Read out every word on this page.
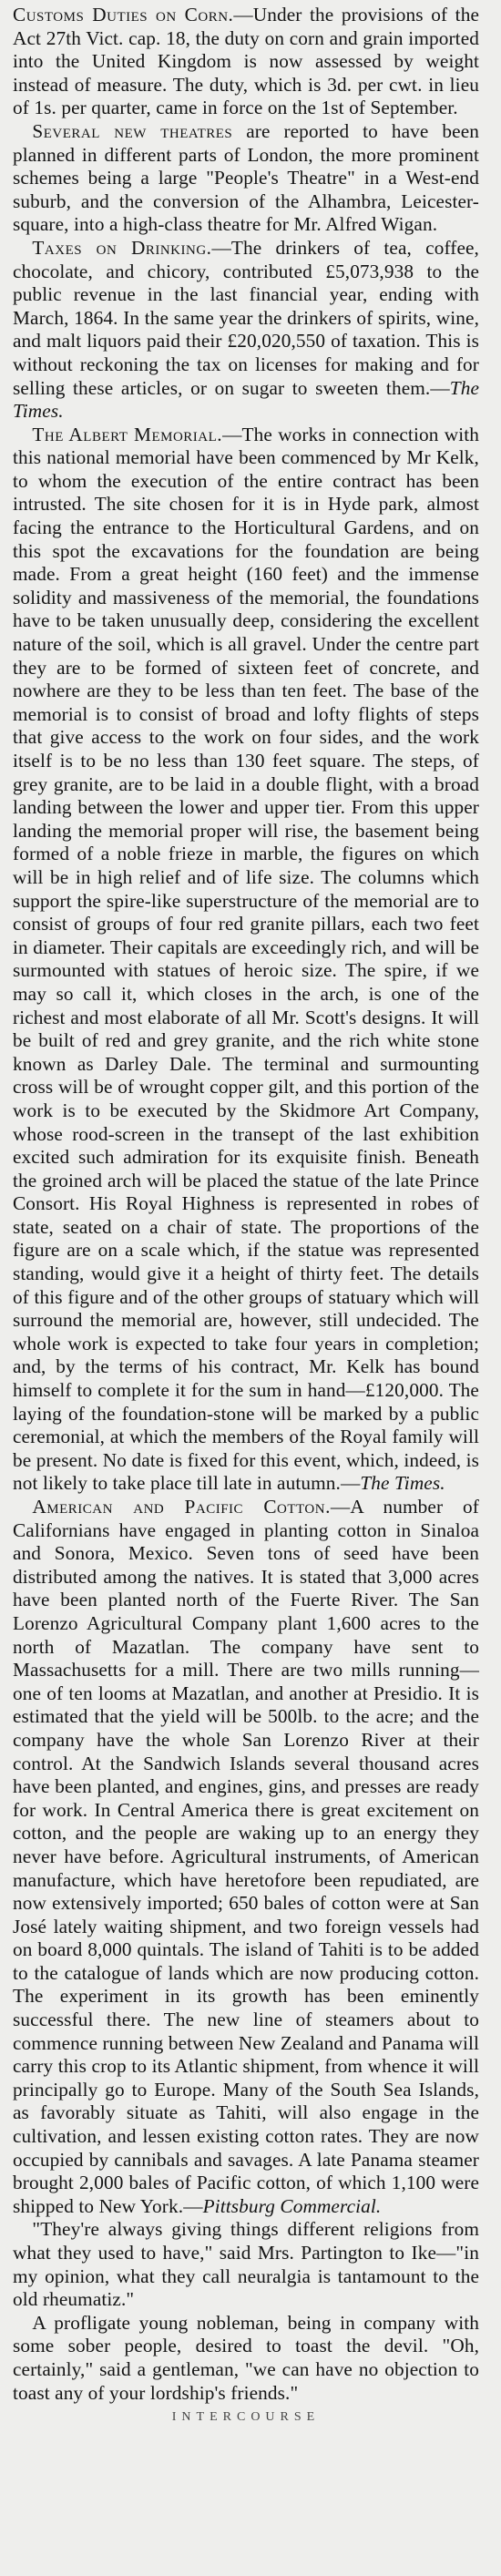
Customs Duties on Corn.—Under the provisions of the Act 27th Vict. cap. 18, the duty on corn and grain imported into the United Kingdom is now assessed by weight instead of measure. The duty, which is 3d. per cwt. in lieu of 1s. per quarter, came in force on the 1st of September.

 Several new theatres are reported to have been planned in different parts of London, the more prominent schemes being a large "People's Theatre" in a West-end suburb, and the conversion of the Alhambra, Leicester-square, into a high-class theatre for Mr. Alfred Wigan.

 Taxes on Drinking.—The drinkers of tea, coffee, chocolate, and chicory, contributed £5,073,938 to the public revenue in the last financial year, ending with March, 1864. In the same year the drinkers of spirits, wine, and malt liquors paid their £20,020,550 of taxation. This is without reckoning the tax on licenses for making and for selling these articles, or on sugar to sweeten them.—The Times.

 The Albert Memorial.—The works in connection with this national memorial have been commenced by Mr Kelk, to whom the execution of the entire contract has been intrusted. The site chosen for it is in Hyde park, almost facing the entrance to the Horticultural Gardens, and on this spot the excavations for the foundation are being made. From a great height (160 feet) and the immense solidity and massiveness of the memorial, the foundations have to be taken unusually deep, considering the excellent nature of the soil, which is all gravel. Under the centre part they are to be formed of sixteen feet of concrete, and nowhere are they to be less than ten feet. The base of the memorial is to consist of broad and lofty flights of steps that give access to the work on four sides, and the work itself is to be no less than 130 feet square. The steps, of grey granite, are to be laid in a double flight, with a broad landing between the lower and upper tier. From this upper landing the memorial proper will rise, the basement being formed of a noble frieze in marble, the figures on which will be in high relief and of life size. The columns which support the spire-like superstructure of the memorial are to consist of groups of four red granite pillars, each two feet in diameter. Their capitals are exceedingly rich, and will be surmounted with statues of heroic size. The spire, if we may so call it, which closes in the arch, is one of the richest and most elaborate of all Mr. Scott's designs. It will be built of red and grey granite, and the rich white stone known as Darley Dale. The terminal and surmounting cross will be of wrought copper gilt, and this portion of the work is to be executed by the Skidmore Art Company, whose rood-screen in the transept of the last exhibition excited such admiration for its exquisite finish. Beneath the groined arch will be placed the statue of the late Prince Consort. His Royal Highness is represented in robes of state, seated on a chair of state. The proportions of the figure are on a scale which, if the statue was represented standing, would give it a height of thirty feet. The details of this figure and of the other groups of statuary which will surround the memorial are, however, still undecided. The whole work is expected to take four years in completion; and, by the terms of his contract, Mr. Kelk has bound himself to complete it for the sum in hand—£120,000. The laying of the foundation-stone will be marked by a public ceremonial, at which the members of the Royal family will be present. No date is fixed for this event, which, indeed, is not likely to take place till late in autumn.—The Times.

 American and Pacific Cotton.—A number of Californians have engaged in planting cotton in Sinaloa and Sonora, Mexico. Seven tons of seed have been distributed among the natives. It is stated that 3,000 acres have been planted north of the Fuerte River. The San Lorenzo Agricultural Company plant 1,600 acres to the north of Mazatlan. The company have sent to Massachusetts for a mill. There are two mills running—one of ten looms at Mazatlan, and another at Presidio. It is estimated that the yield will be 500lb. to the acre; and the company have the whole San Lorenzo River at their control. At the Sandwich Islands several thousand acres have been planted, and engines, gins, and presses are ready for work. In Central America there is great excitement on cotton, and the people are waking up to an energy they never have before. Agricultural instruments, of American manufacture, which have heretofore been repudiated, are now extensively imported; 650 bales of cotton were at San José lately waiting shipment, and two foreign vessels had on board 8,000 quintals. The island of Tahiti is to be added to the catalogue of lands which are now producing cotton. The experiment in its growth has been eminently successful there. The new line of steamers about to commence running between New Zealand and Panama will carry this crop to its Atlantic shipment, from whence it will principally go to Europe. Many of the South Sea Islands, as favorably situate as Tahiti, will also engage in the cultivation, and lessen existing cotton rates. They are now occupied by cannibals and savages. A late Panama steamer brought 2,000 bales of Pacific cotton, of which 1,100 were shipped to New York.—Pittsburg Commercial.

 "They're always giving things different religions from what they used to have," said Mrs. Partington to Ike—"in my opinion, what they call neuralgia is tantamount to the old rheumatiz."

 A profligate young nobleman, being in company with some sober people, desired to toast the devil. "Oh, certainly," said a gentleman, "we can have no objection to toast any of your lordship's friends."

INTERCOURSE
